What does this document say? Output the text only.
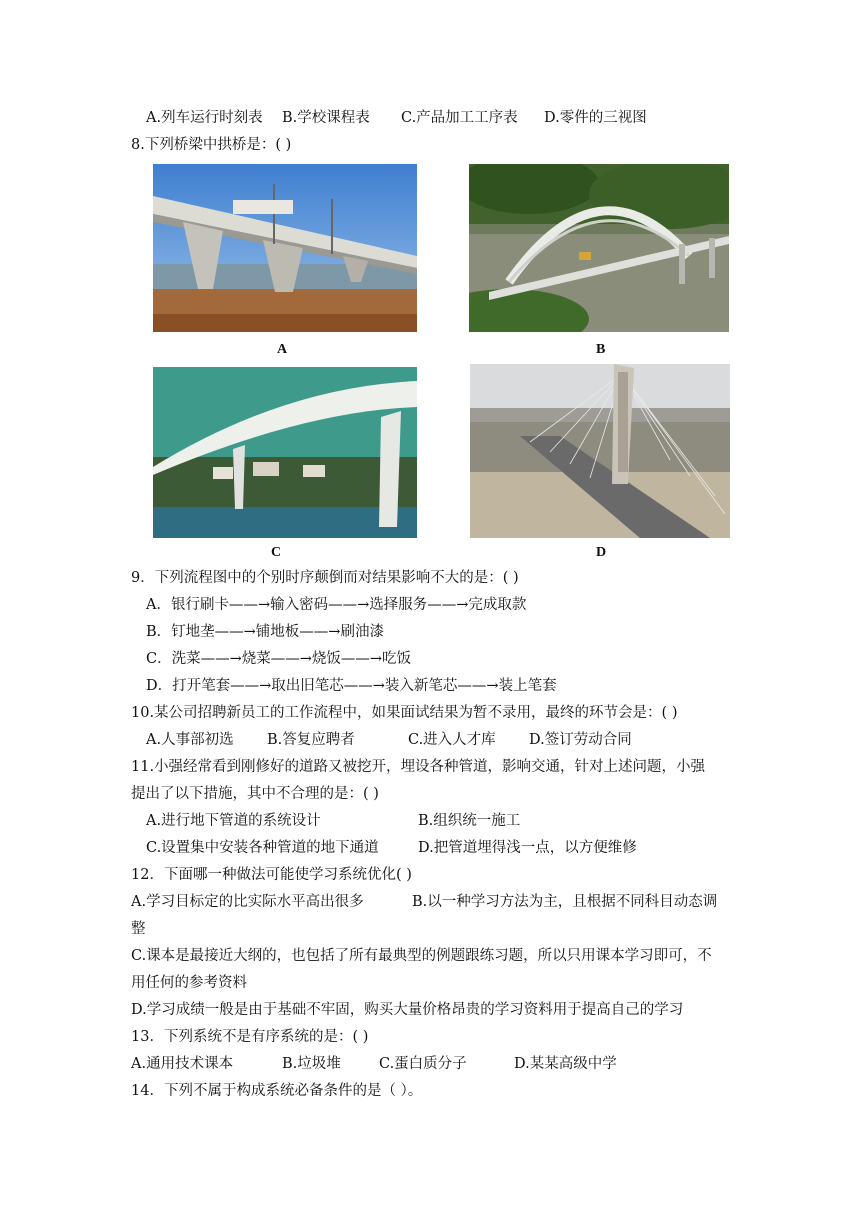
A.列车运行时刻表 B.学校课程表 C.产品加工工序表 D.零件的三视图
8.下列桥梁中拱桥是：( )
A	B
C	D
9．下列流程图中的个别时序颠倒而对结果影响不大的是：( )
A．银行刷卡——→输入密码——→选择服务——→完成取款
B．钉地垄——→铺地板——→刷油漆
C．洗菜——→烧菜——→烧饭——→吃饭
D．打开笔套——→取出旧笔芯——→装入新笔芯——→装上笔套
10.某公司招聘新员工的工作流程中，如果面试结果为暂不录用，最终的环节会是：( )
A.人事部初选 B.答复应聘者	C.进入人才库 D.签订劳动合同
11.小强经常看到刚修好的道路又被挖开，埋设各种管道，影响交通，针对上述问题，小强
提出了以下措施，其中不合理的是：( )
A.进行地下管道的系统设计	B.组织统一施工
C.设置集中安装各种管道的地下通道	D.把管道埋得浅一点，以方便维修
12．下面哪一种做法可能使学习系统优化( )
A.学习目标定的比实际水平高出很多	B.以一种学习方法为主，且根据不同科目动态调
整
C.课本是最接近大纲的，也包括了所有最典型的例题跟练习题，所以只用课本学习即可，不
用任何的参考资料
D.学习成绩一般是由于基础不牢固，购买大量价格昂贵的学习资料用于提高自己的学习
13．下列系统不是有序系统的是：( )
A.通用技术课本	B.垃圾堆	C.蛋白质分子	D.某某高级中学
14．下列不属于构成系统必备条件的是（ ）。
